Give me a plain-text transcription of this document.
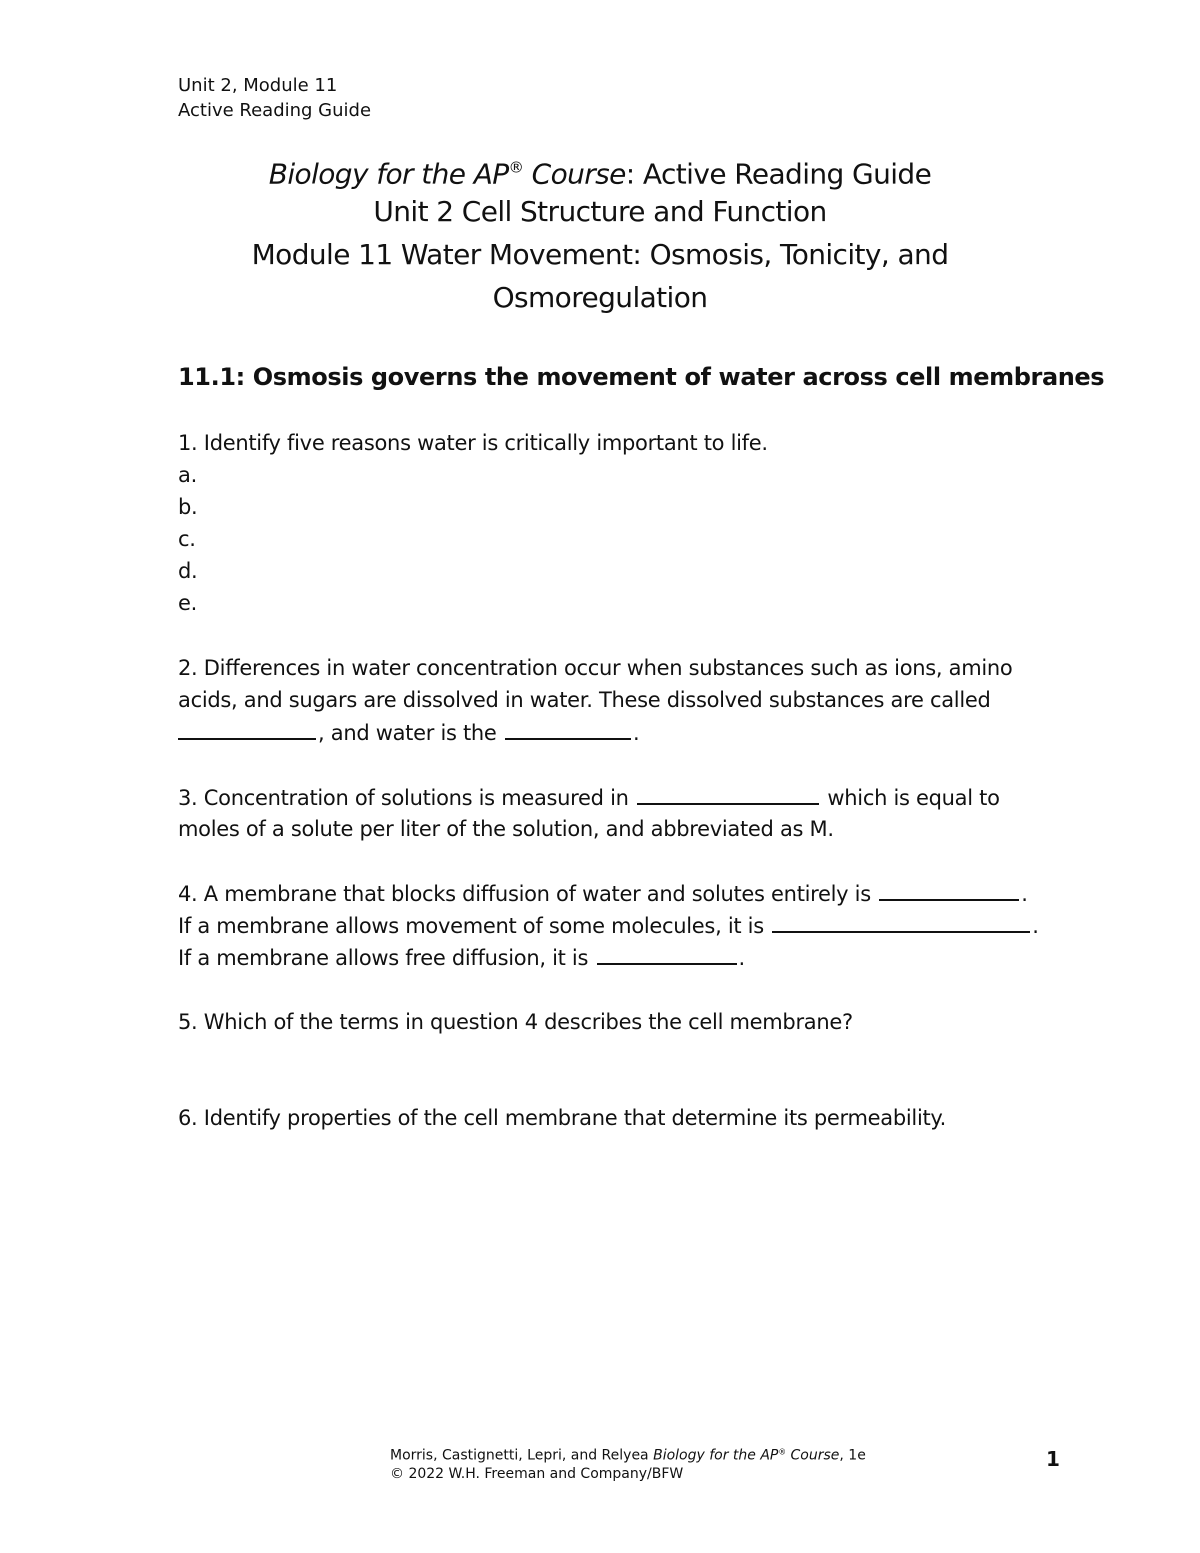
Unit 2, Module 11
Active Reading Guide
Biology for the AP® Course: Active Reading Guide
Unit 2 Cell Structure and Function
Module 11 Water Movement: Osmosis, Tonicity, and
Osmoregulation
11.1: Osmosis governs the movement of water across cell membranes
1. Identify five reasons water is critically important to life.
a.
b.
c.
d.
e.
2. Differences in water concentration occur when substances such as ions, amino
acids, and sugars are dissolved in water. These dissolved substances are called
, and water is the	.
3. Concentration of solutions is measured in	which is equal to
moles of a solute per liter of the solution, and abbreviated as M.
4. A membrane that blocks diffusion of water and solutes entirely is	.
If a membrane allows movement of some molecules, it is	.
If a membrane allows free diffusion, it is	.
5. Which of the terms in question 4 describes the cell membrane?
6. Identify properties of the cell membrane that determine its permeability.
Morris, Castignetti, Lepri, and Relyea Biology for the AP® Course, 1e
© 2022 W.H. Freeman and Company/BFW
1
